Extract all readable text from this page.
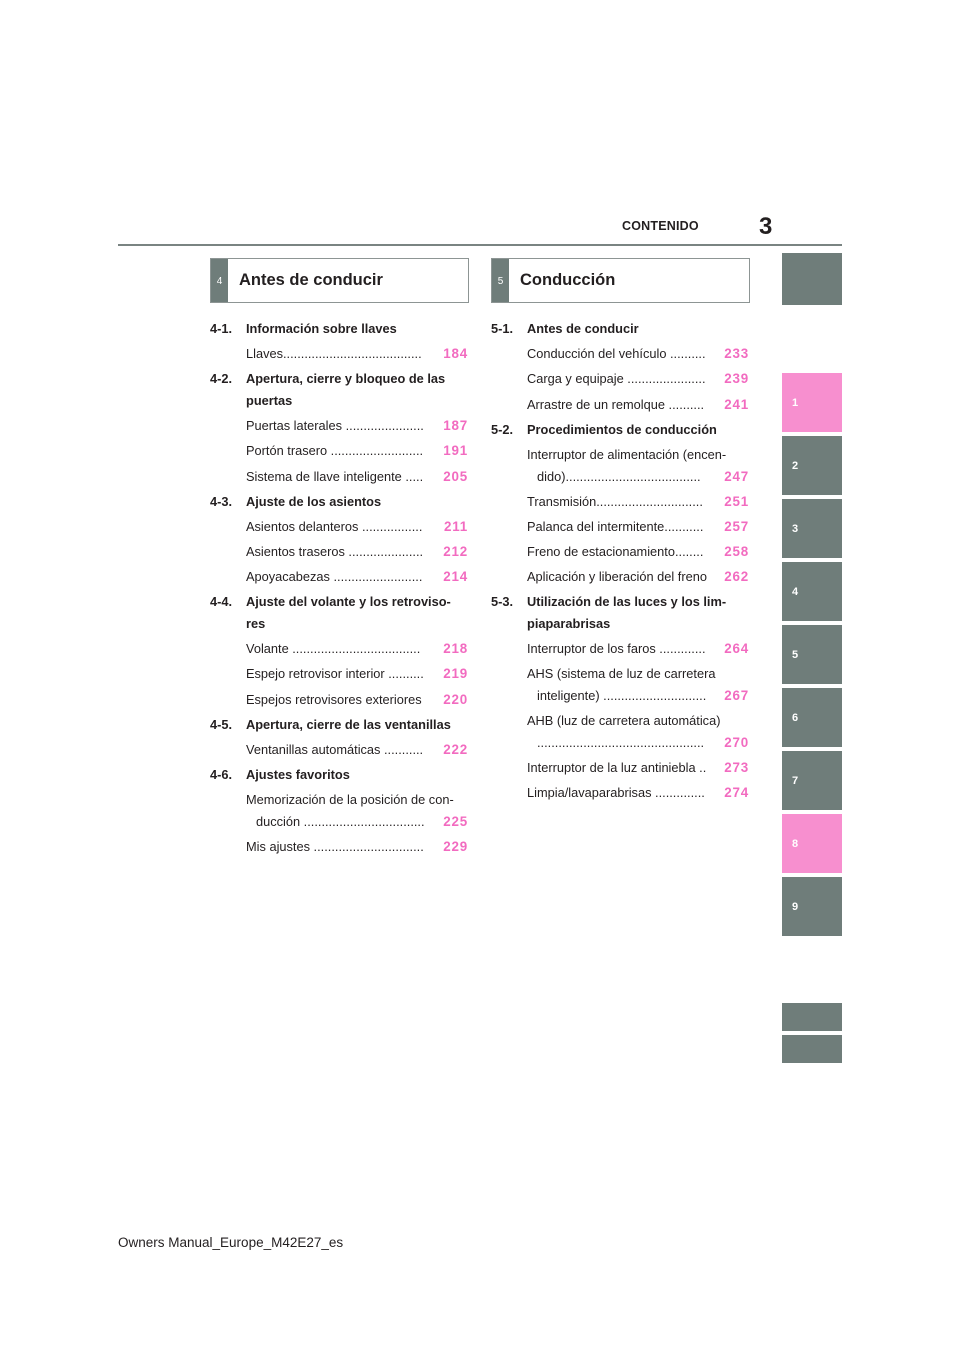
CONTENIDO	3
4	Antes de conducir	5	Conducción
4-1. Información sobre llaves
Llaves....................................... 184
4-2. Apertura, cierre y bloqueo de las
puertas
Puertas laterales ...................... 187
Portón trasero .......................... 191
Sistema de llave inteligente ..... 205
4-3. Ajuste de los asientos
Asientos delanteros ................. 211
Asientos traseros ..................... 212
Apoyacabezas ......................... 214
4-4. Ajuste del volante y los retroviso-
res
Volante .................................... 218
Espejo retrovisor interior .......... 219
Espejos retrovisores exteriores 220
4-5. Apertura, cierre de las ventanillas
Ventanillas automáticas ........... 222
4-6. Ajustes favoritos
Memorización de la posición de con-
ducción .................................. 225
Mis ajustes ............................... 229
5-1. Antes de conducir
Conducción del vehículo .......... 233
Carga y equipaje ...................... 239
Arrastre de un remolque .......... 241
5-2. Procedimientos de conducción
Interruptor de alimentación (encen-
dido)...................................... 247
Transmisión.............................. 251
Palanca del intermitente........... 257
Freno de estacionamiento........ 258
Aplicación y liberación del freno 262
5-3. Utilización de las luces y los lim-
piaparabrisas
Interruptor de los faros ............. 264
AHS (sistema de luz de carretera
inteligente) ............................. 267
AHB (luz de carretera automática)
............................................... 270
Interruptor de la luz antiniebla .. 273
Limpia/lavaparabrisas .............. 274
1
2
3
4
5
6
7
8
9
Owners Manual_Europe_M42E27_es
